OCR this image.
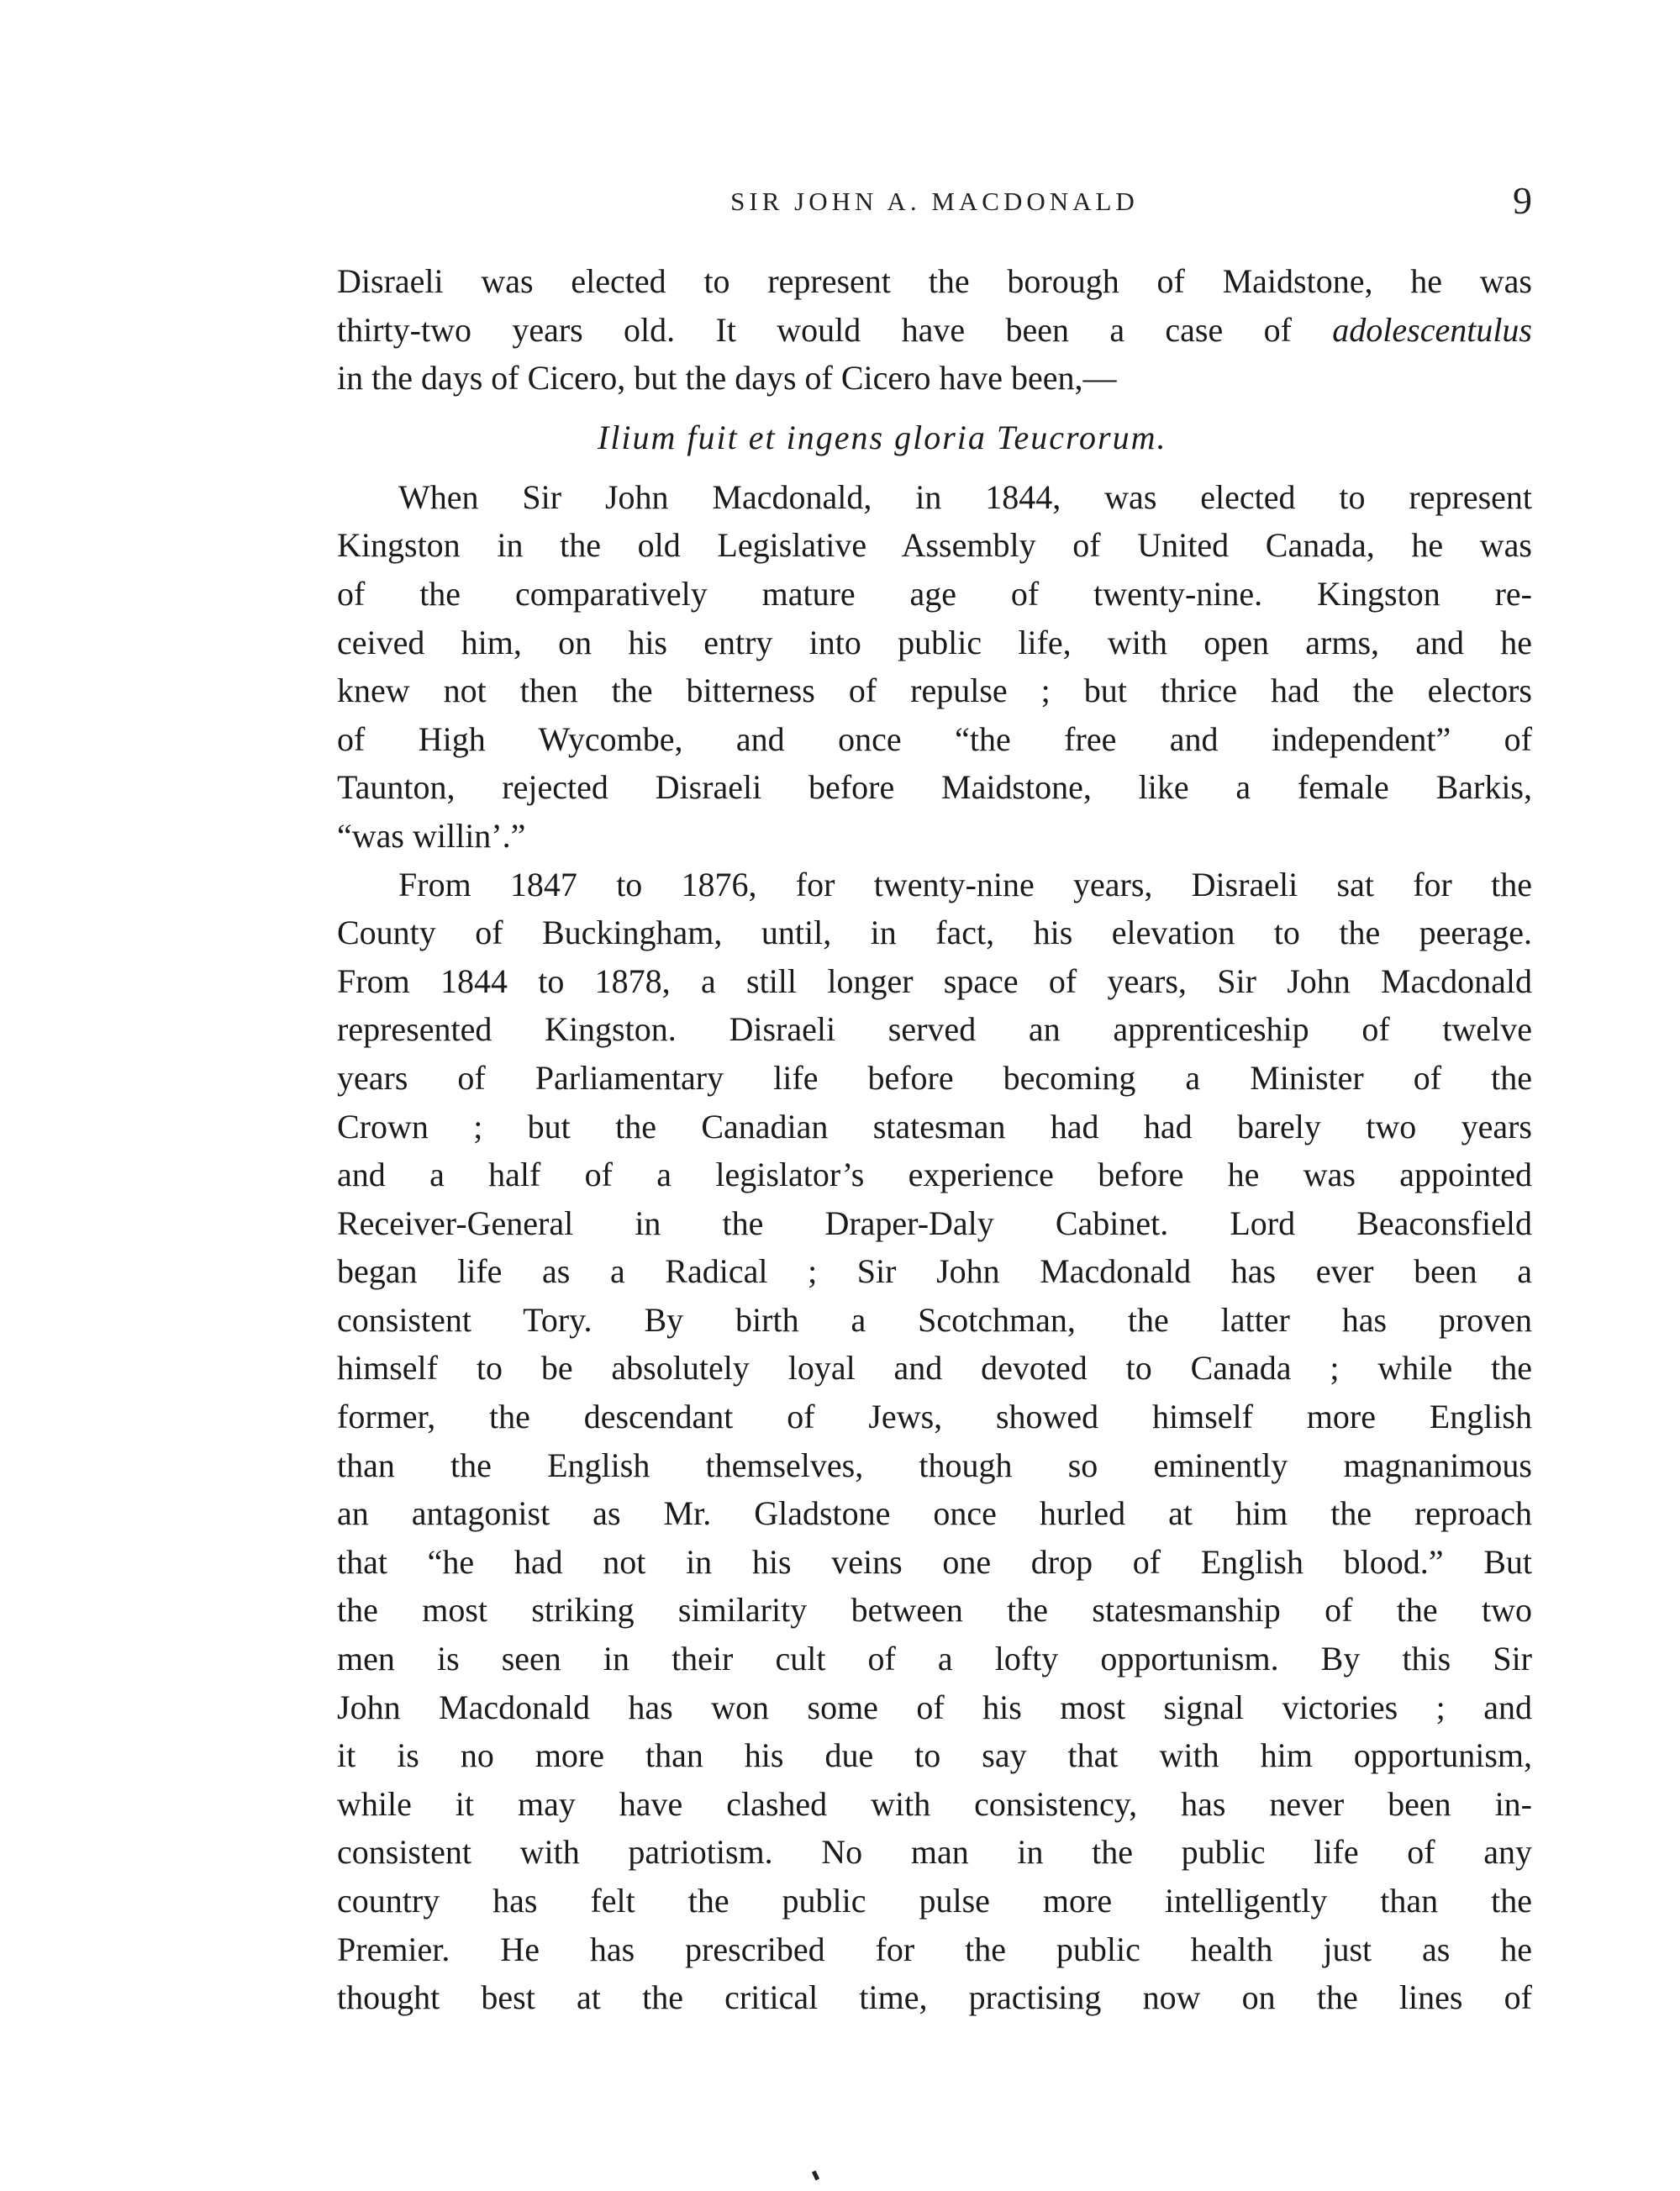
SIR JOHN A. MACDONALD	9
Disraeli was elected to represent the borough of Maidstone, he was
thirty-two years old. It would have been a case of adolescentulus
in the days of Cicero, but the days of Cicero have been,—
Ilium fuit et ingens gloria Teucrorum.
When Sir John Macdonald, in 1844, was elected to represent
Kingston in the old Legislative Assembly of United Canada, he was
of the comparatively mature age of twenty-nine. Kingston re-
ceived him, on his entry into public life, with open arms, and he
knew not then the bitterness of repulse ; but thrice had the electors
of High Wycombe, and once “the free and independent” of
Taunton, rejected Disraeli before Maidstone, like a female Barkis,
“was willin’.”
From 1847 to 1876, for twenty-nine years, Disraeli sat for the
County of Buckingham, until, in fact, his elevation to the peerage.
From 1844 to 1878, a still longer space of years, Sir John Macdonald
represented Kingston. Disraeli served an apprenticeship of twelve
years of Parliamentary life before becoming a Minister of the
Crown ; but the Canadian statesman had had barely two years
and a half of a legislator’s experience before he was appointed
Receiver-General in the Draper-Daly Cabinet. Lord Beaconsfield
began life as a Radical ; Sir John Macdonald has ever been a
consistent Tory. By birth a Scotchman, the latter has proven
himself to be absolutely loyal and devoted to Canada ; while the
former, the descendant of Jews, showed himself more English
than the English themselves, though so eminently magnanimous
an antagonist as Mr. Gladstone once hurled at him the reproach
that “he had not in his veins one drop of English blood.” But
the most striking similarity between the statesmanship of the two
men is seen in their cult of a lofty opportunism. By this Sir
John Macdonald has won some of his most signal victories ; and
it is no more than his due to say that with him opportunism,
while it may have clashed with consistency, has never been in-
consistent with patriotism. No man in the public life of any
country has felt the public pulse more intelligently than the
Premier. He has prescribed for the public health just as he
thought best at the critical time, practising now on the lines of
